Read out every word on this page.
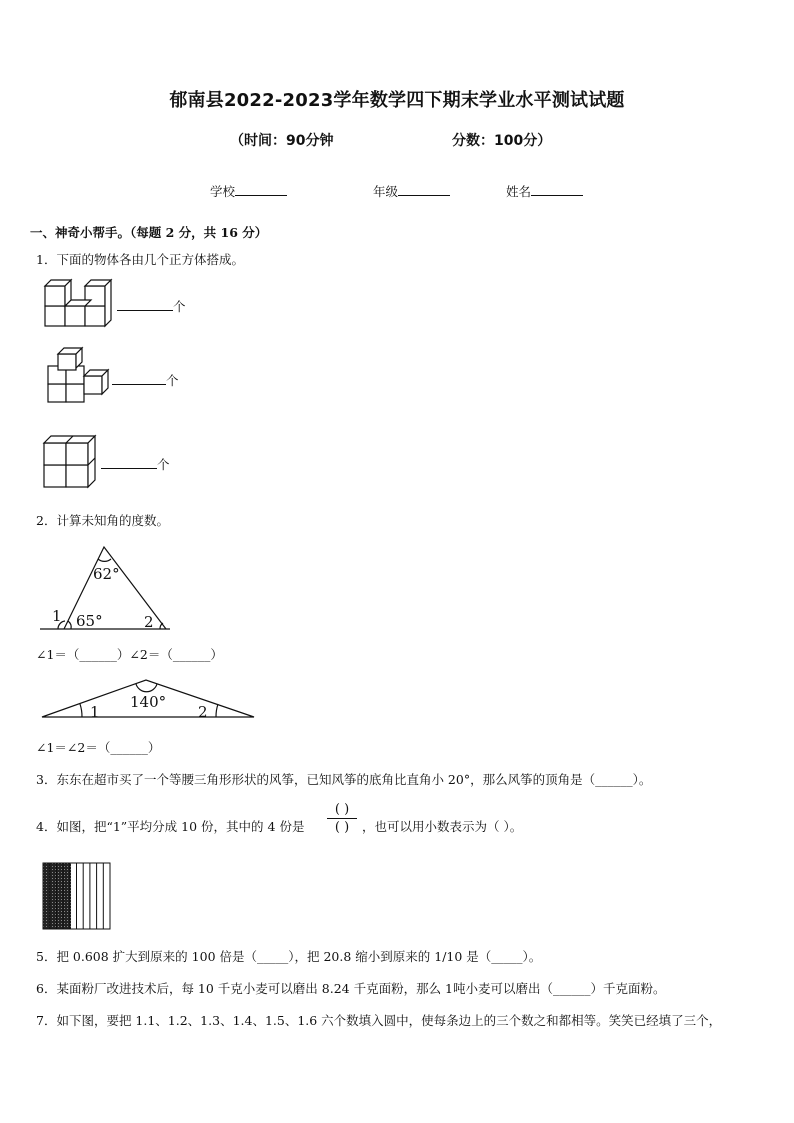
郁南县2022-2023学年数学四下期末学业水平测试试题
（时间：90分钟	分数：100分）
学校	年级	姓名
一、神奇小帮手。（每题 2 分，共 16 分）
1．下面的物体各由几个正方体搭成。
个
个
个
2．计算未知角的度数。
62°
65°
1	2
∠1＝（______）∠2＝（______）
140°
1	2
∠1＝∠2＝（______）
3．东东在超市买了一个等腰三角形形状的风筝，已知风筝的底角比直角小 20°，那么风筝的顶角是（______）。
4．如图，把“1”平均分成 10 份，其中的 4 份是
( )
( )	，也可以用小数表示为（ ）。
5．把 0.608 扩大到原来的 100 倍是（_____），把 20.8 缩小到原来的 1/10 是（_____）。
6．某面粉厂改进技术后，每 10 千克小麦可以磨出 8.24 千克面粉，那么 1吨小麦可以磨出（______）千克面粉。
7．如下图，要把 1.1、1.2、1.3、1.4、1.5、1.6 六个数填入圆中，使每条边上的三个数之和都相等。笑笑已经填了三个，
